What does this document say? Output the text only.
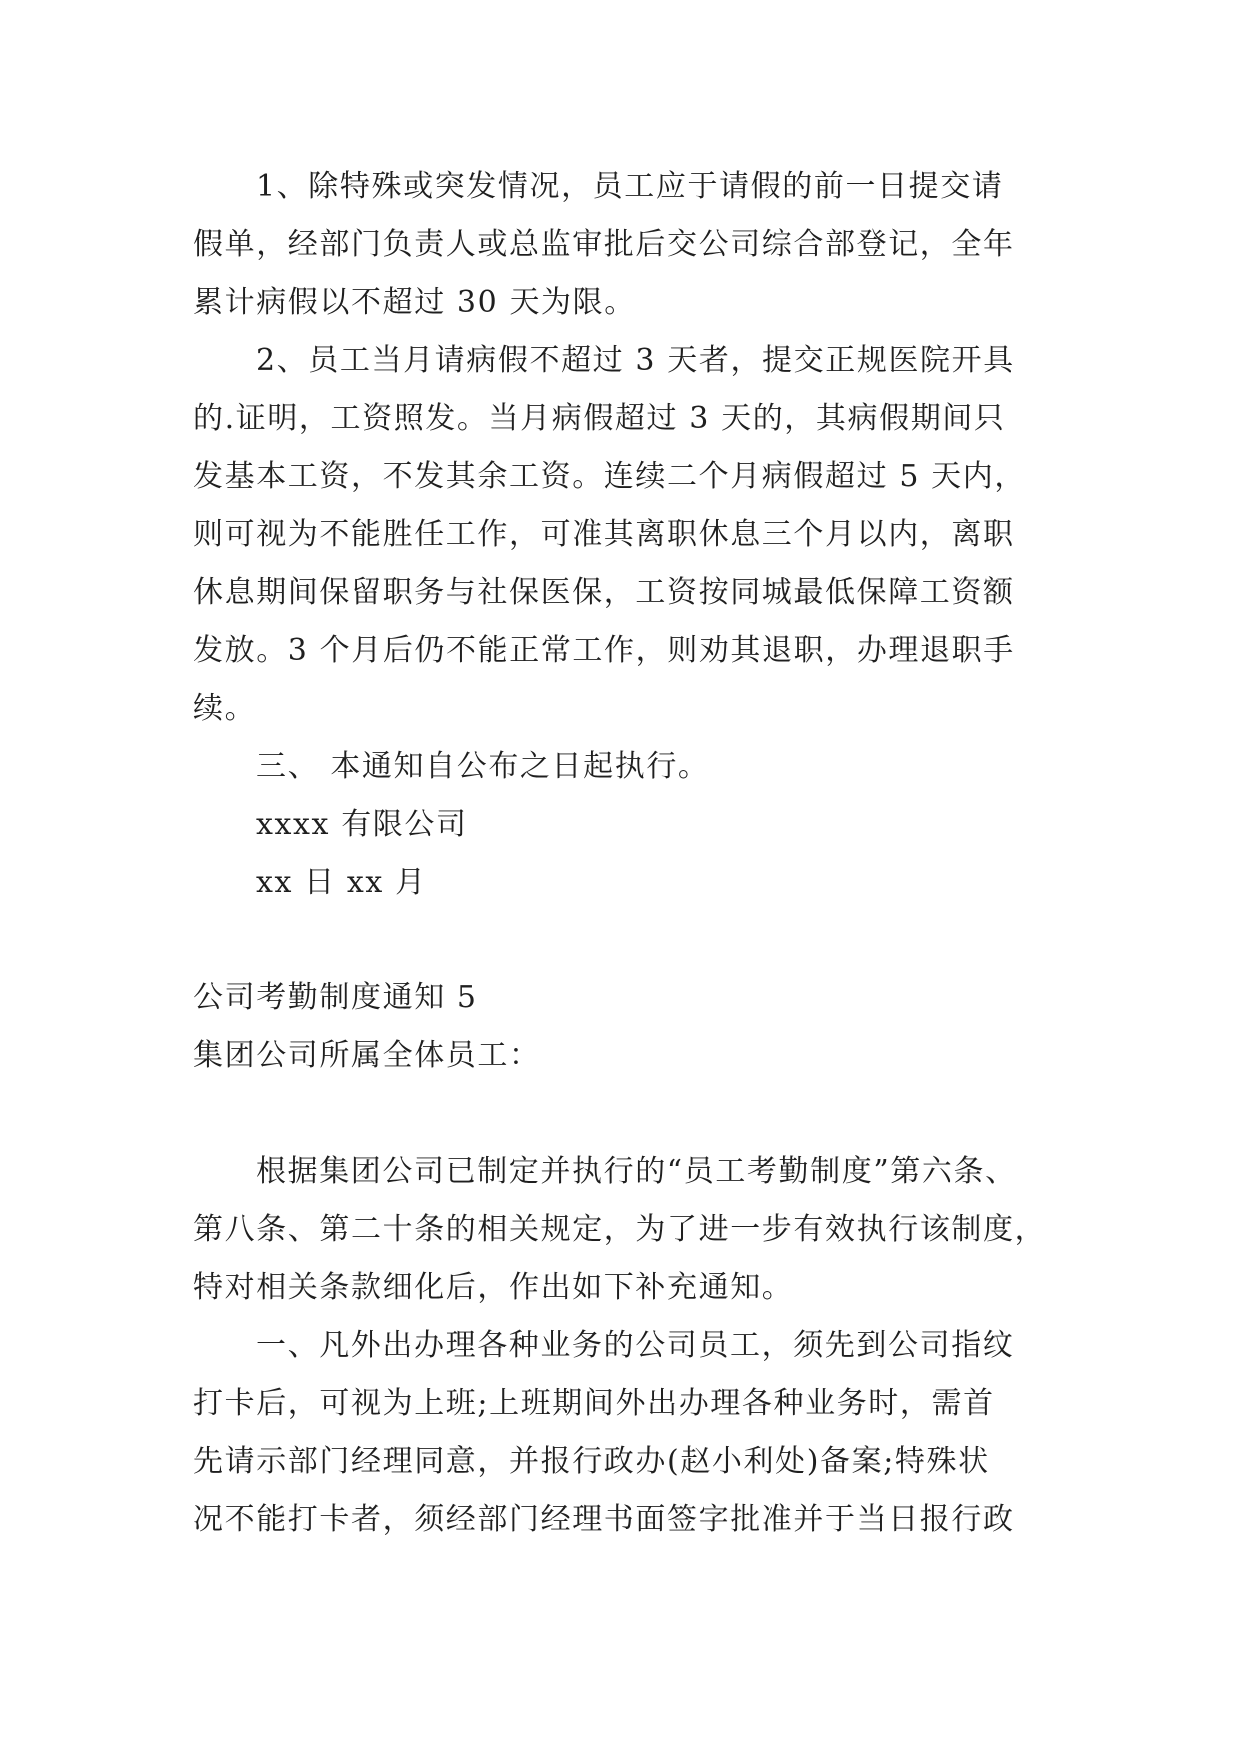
1、除特殊或突发情况，员工应于请假的前一日提交请
假单，经部门负责人或总监审批后交公司综合部登记，全年
累计病假以不超过 30 天为限。
2、员工当月请病假不超过 3 天者，提交正规医院开具
的.证明，工资照发。当月病假超过 3 天的，其病假期间只
发基本工资，不发其余工资。连续二个月病假超过 5 天内，
则可视为不能胜任工作，可准其离职休息三个月以内，离职
休息期间保留职务与社保医保，工资按同城最低保障工资额
发放。3 个月后仍不能正常工作，则劝其退职，办理退职手
续。
三、 本通知自公布之日起执行。
xxxx 有限公司
xx 日 xx 月
公司考勤制度通知 5
集团公司所属全体员工：
根据集团公司已制定并执行的“员工考勤制度”第六条、
第八条、第二十条的相关规定，为了进一步有效执行该制度，
特对相关条款细化后，作出如下补充通知。
一、凡外出办理各种业务的公司员工，须先到公司指纹
打卡后，可视为上班;上班期间外出办理各种业务时，需首
先请示部门经理同意，并报行政办(赵小利处)备案;特殊状
况不能打卡者，须经部门经理书面签字批准并于当日报行政
